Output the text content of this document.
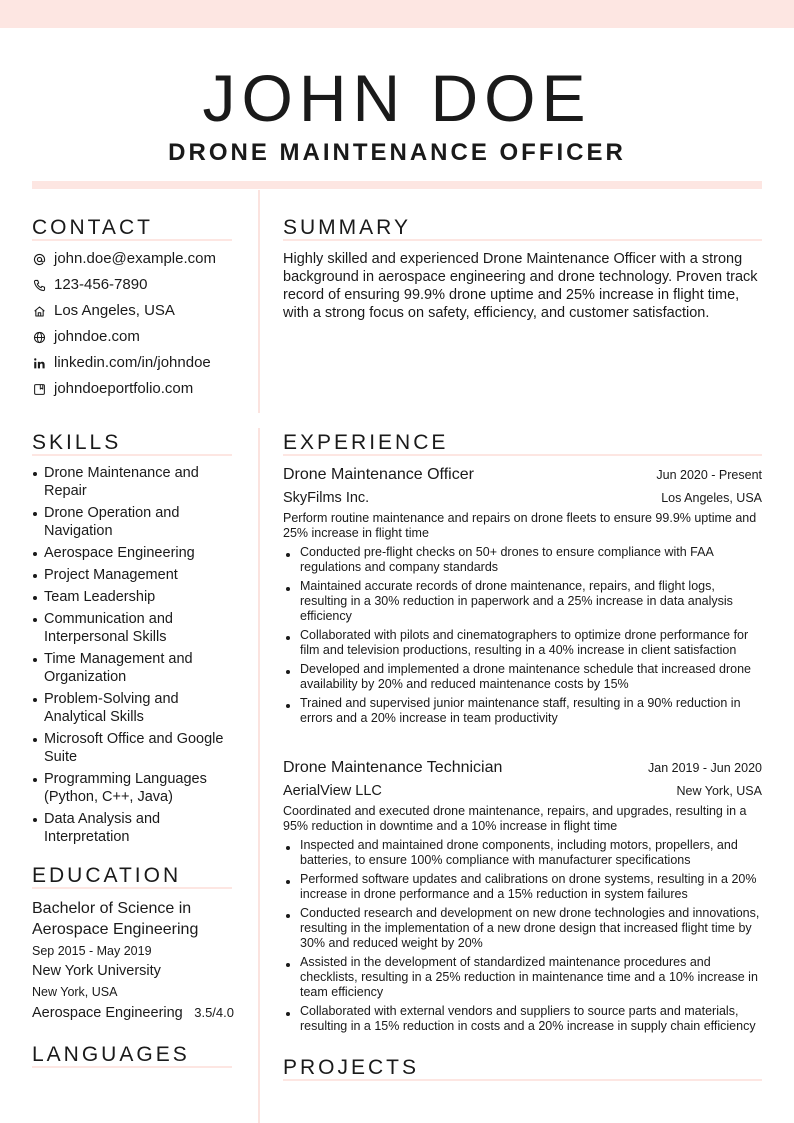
JOHN DOE
DRONE MAINTENANCE OFFICER
CONTACT
john.doe@example.com
123-456-7890
Los Angeles, USA
johndoe.com
linkedin.com/in/johndoe
johndoeportfolio.com
SKILLS
Drone Maintenance and Repair
Drone Operation and Navigation
Aerospace Engineering
Project Management
Team Leadership
Communication and Interpersonal Skills
Time Management and Organization
Problem-Solving and Analytical Skills
Microsoft Office and Google Suite
Programming Languages (Python, C++, Java)
Data Analysis and Interpretation
EDUCATION
Bachelor of Science in Aerospace Engineering
Sep 2015 - May 2019
New York University
New York, USA
Aerospace Engineering 3.5/4.0
LANGUAGES
SUMMARY
Highly skilled and experienced Drone Maintenance Officer with a strong background in aerospace engineering and drone technology. Proven track record of ensuring 99.9% drone uptime and 25% increase in flight time, with a strong focus on safety, efficiency, and customer satisfaction.
EXPERIENCE
Drone Maintenance Officer	Jun 2020 - Present
SkyFilms Inc.	Los Angeles, USA
Perform routine maintenance and repairs on drone fleets to ensure 99.9% uptime and 25% increase in flight time
Conducted pre-flight checks on 50+ drones to ensure compliance with FAA regulations and company standards
Maintained accurate records of drone maintenance, repairs, and flight logs, resulting in a 30% reduction in paperwork and a 25% increase in data analysis efficiency
Collaborated with pilots and cinematographers to optimize drone performance for film and television productions, resulting in a 40% increase in client satisfaction
Developed and implemented a drone maintenance schedule that increased drone availability by 20% and reduced maintenance costs by 15%
Trained and supervised junior maintenance staff, resulting in a 90% reduction in errors and a 20% increase in team productivity
Drone Maintenance Technician	Jan 2019 - Jun 2020
AerialView LLC	New York, USA
Coordinated and executed drone maintenance, repairs, and upgrades, resulting in a 95% reduction in downtime and a 10% increase in flight time
Inspected and maintained drone components, including motors, propellers, and batteries, to ensure 100% compliance with manufacturer specifications
Performed software updates and calibrations on drone systems, resulting in a 20% increase in drone performance and a 15% reduction in system failures
Conducted research and development on new drone technologies and innovations, resulting in the implementation of a new drone design that increased flight time by 30% and reduced weight by 20%
Assisted in the development of standardized maintenance procedures and checklists, resulting in a 25% reduction in maintenance time and a 10% increase in team efficiency
Collaborated with external vendors and suppliers to source parts and materials, resulting in a 15% reduction in costs and a 20% increase in supply chain efficiency
PROJECTS
